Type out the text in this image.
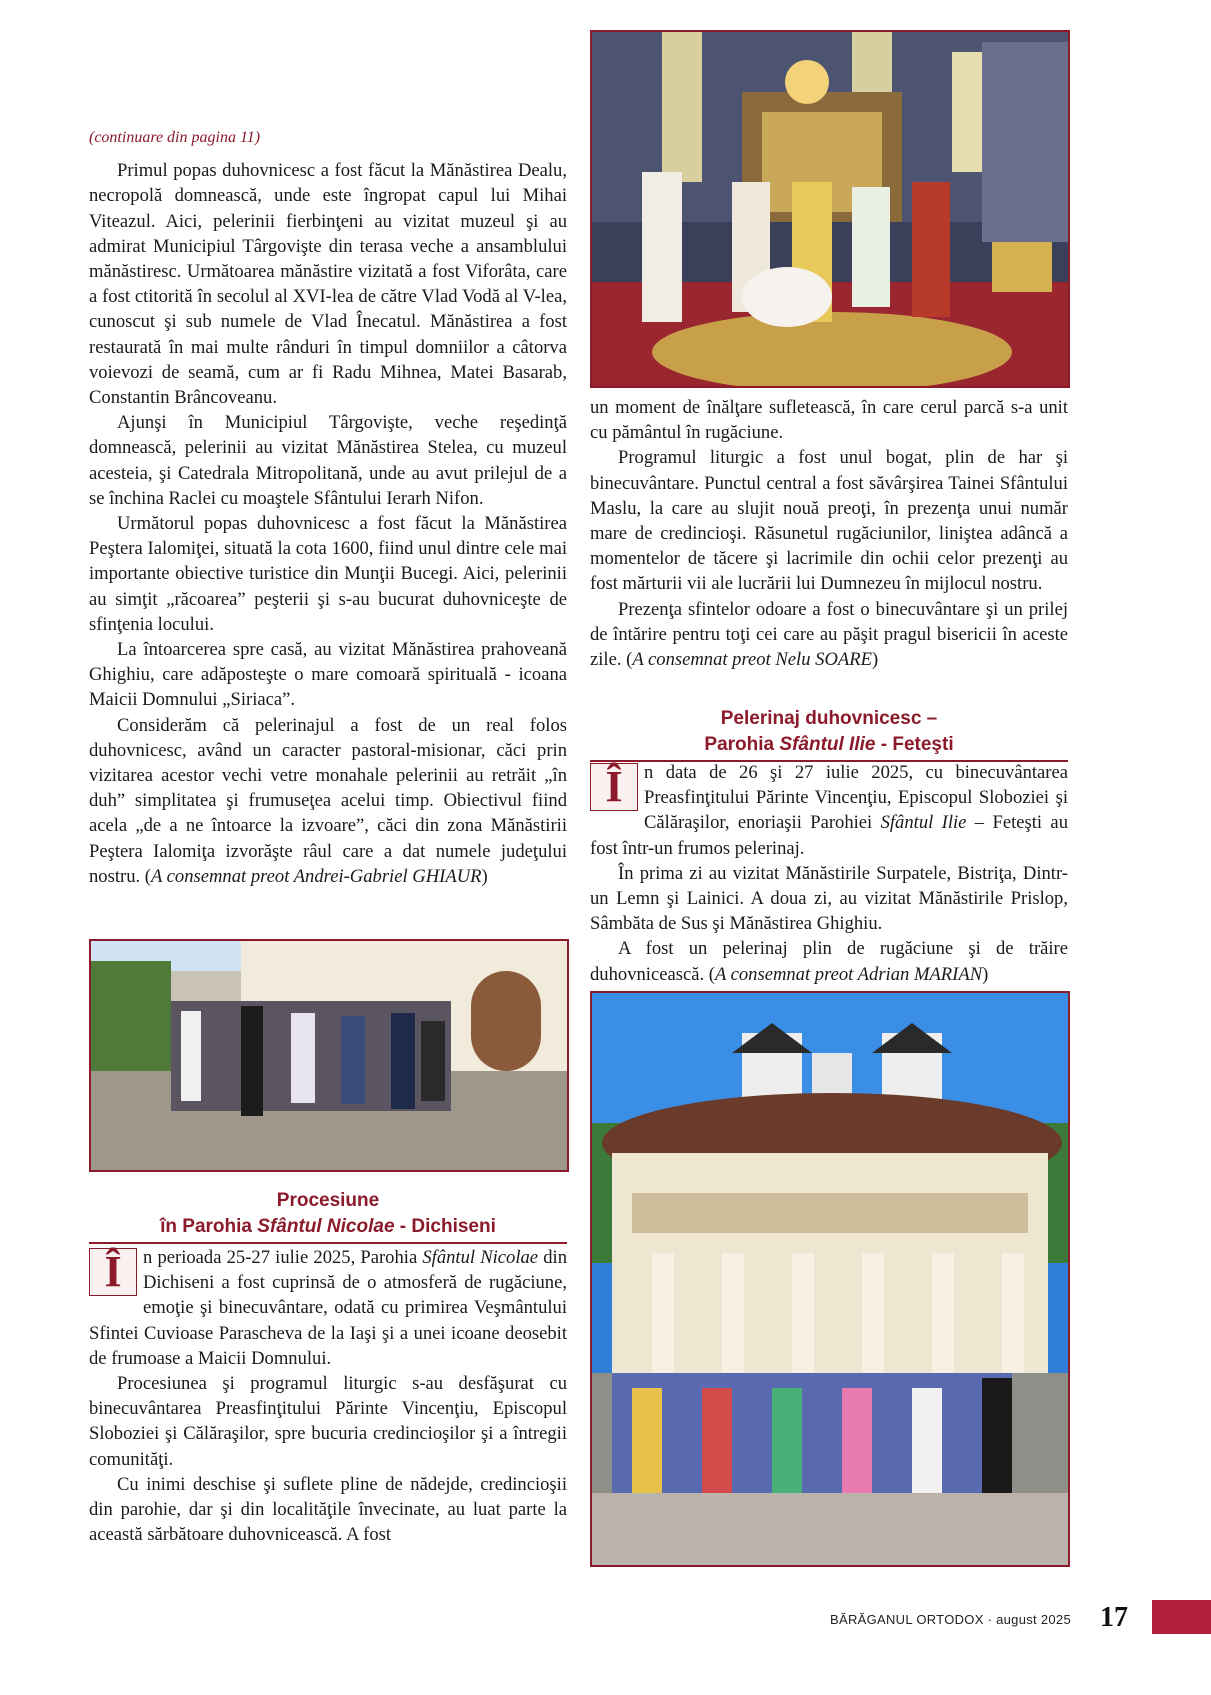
(continuare din pagina 11)

Primul popas duhovnicesc a fost făcut la Mănăstirea Dealu, necropolă domnească, unde este îngropat capul lui Mihai Viteazul. Aici, pelerinii fierbinţeni au vizitat muzeul şi au admirat Municipiul Târgovişte din terasa veche a ansamblului mănăstiresc. Următoarea mănăstire vizitată a fost Viforâta, care a fost ctitorită în secolul al XVI-lea de către Vlad Vodă al V-lea, cunoscut şi sub numele de Vlad Înecatul. Mănăstirea a fost restaurată în mai multe rânduri în timpul domniilor a câtorva voievozi de seamă, cum ar fi Radu Mihnea, Matei Basarab, Constantin Brâncoveanu.

Ajunşi în Municipiul Târgovişte, veche reşedinţă domnească, pelerinii au vizitat Mănăstirea Stelea, cu muzeul acesteia, şi Catedrala Mitropolitană, unde au avut prilejul de a se închina Raclei cu moaştele Sfântului Ierarh Nifon.

Următorul popas duhovnicesc a fost făcut la Mănăstirea Peştera Ialomiţei, situată la cota 1600, fiind unul dintre cele mai importante obiective turistice din Munţii Bucegi. Aici, pelerinii au simţit „răcoarea” peşterii şi s-au bucurat duhovniceşte de sfinţenia locului.

La întoarcerea spre casă, au vizitat Mănăstirea prahoveană Ghighiu, care adăposteşte o mare comoară spirituală - icoana Maicii Domnului „Siriaca”.

Considerăm că pelerinajul a fost de un real folos duhovnicesc, având un caracter pastoral-misionar, căci prin vizitarea acestor vechi vetre monahale pelerinii au retrăit „în duh” simplitatea şi frumuseţea acelui timp. Obiectivul fiind acela „de a ne întoarce la izvoare”, căci din zona Mănăstirii Peştera Ialomiţa izvorăşte râul care a dat numele judeţului nostru. (A consemnat preot Andrei-Gabriel GHIAUR)

un moment de înălţare sufletească, în care cerul parcă s-a unit cu pământul în rugăciune.

Programul liturgic a fost unul bogat, plin de har şi binecuvântare. Punctul central a fost săvârşirea Tainei Sfântului Maslu, la care au slujit nouă preoţi, în prezenţa unui număr mare de credincioşi. Răsunetul rugăciunilor, liniştea adâncă a momentelor de tăcere şi lacrimile din ochii celor prezenţi au fost mărturii vii ale lucrării lui Dumnezeu în mijlocul nostru.

Prezenţa sfintelor odoare a fost o binecuvântare şi un prilej de întărire pentru toţi cei care au păşit pragul bisericii în aceste zile. (A consemnat preot Nelu SOARE)

Pelerinaj duhovnicesc –
Parohia Sfântul Ilie - Feteşti

Î	n data de 26 şi 27 iulie 2025, cu binecuvântarea Preasfinţitului Părinte Vincenţiu, Episcopul Sloboziei şi Călăraşilor, enoriaşii Parohiei Sfântul Ilie – Feteşti au fost într-un frumos pelerinaj.

În prima zi au vizitat Mănăstirile Surpatele, Bistriţa, Dintr-un Lemn şi Lainici. A doua zi, au vizitat Mănăstirile Prislop, Sâmbăta de Sus şi Mănăstirea Ghighiu.

A fost un pelerinaj plin de rugăciune şi de trăire duhovnicească. (A consemnat preot Adrian MARIAN)

Procesiune
în Parohia Sfântul Nicolae - Dichiseni

Î	n perioada 25-27 iulie 2025, Parohia Sfântul Nicolae din Dichiseni a fost cuprinsă de o atmosferă de rugăciune, emoţie şi binecuvântare, odată cu primirea Veşmântului Sfintei Cuvioase Parascheva de la Iaşi şi a unei icoane deosebit de frumoase a Maicii Domnului.

Procesiunea şi programul liturgic s-au desfăşurat cu binecuvântarea Preasfinţitului Părinte Vincenţiu, Episcopul Sloboziei şi Călăraşilor, spre bucuria credincioşilor şi a întregii comunităţi.

Cu inimi deschise şi suflete pline de nădejde, credincioşii din parohie, dar şi din localităţile învecinate, au luat parte la această sărbătoare duhovnicească. A fost

BĂRĂGANUL ORTODOX · august 2025 17
